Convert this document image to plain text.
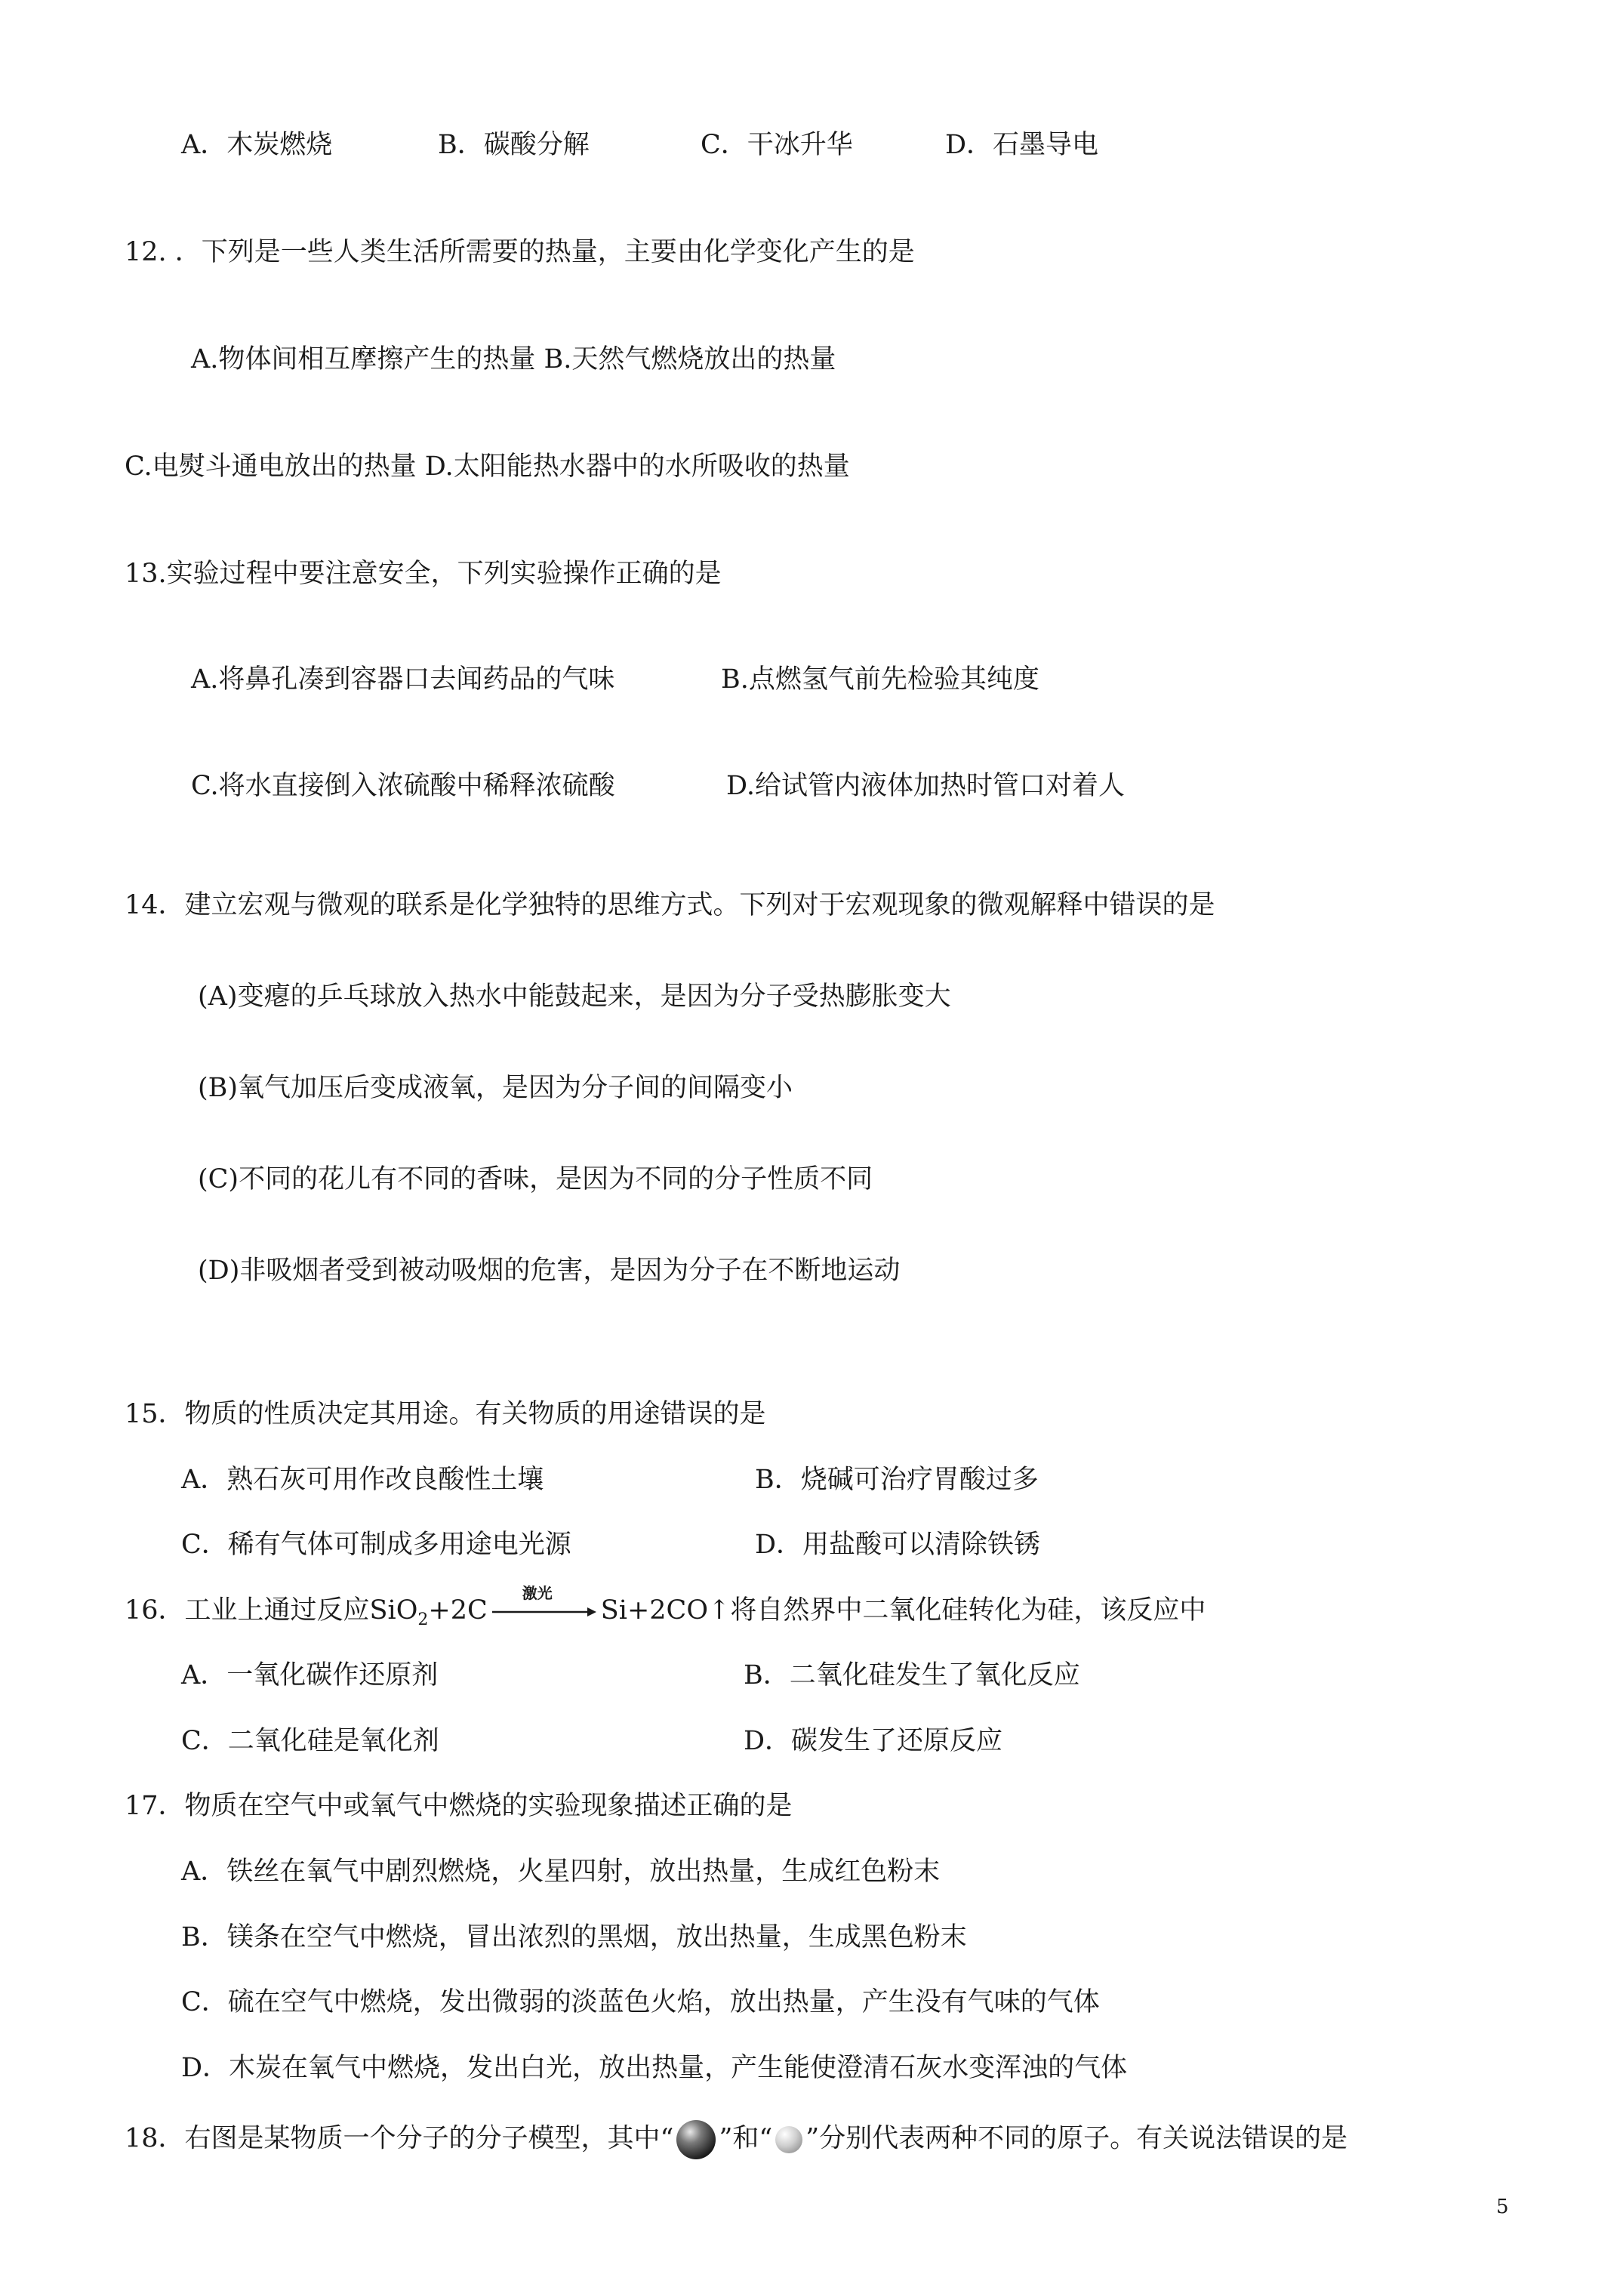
A．木炭燃烧	B．碳酸分解	C．干冰升华	D．石墨导电
12. ．下列是一些人类生活所需要的热量，主要由化学变化产生的是
A.物体间相互摩擦产生的热量 B.天然气燃烧放出的热量
C.电熨斗通电放出的热量 D.太阳能热水器中的水所吸收的热量
13.实验过程中要注意安全，下列实验操作正确的是
A.将鼻孔凑到容器口去闻药品的气味	B.点燃氢气前先检验其纯度
C.将水直接倒入浓硫酸中稀释浓硫酸	D.给试管内液体加热时管口对着人
14．建立宏观与微观的联系是化学独特的思维方式。下列对于宏观现象的微观解释中错误的是
(A)变瘪的乒乓球放入热水中能鼓起来，是因为分子受热膨胀变大
(B)氧气加压后变成液氧，是因为分子间的间隔变小
(C)不同的花儿有不同的香味，是因为不同的分子性质不同
(D)非吸烟者受到被动吸烟的危害，是因为分子在不断地运动
15．物质的性质决定其用途。有关物质的用途错误的是
A．熟石灰可用作改良酸性土壤	B．烧碱可治疗胃酸过多
C．稀有气体可制成多用途电光源	D．用盐酸可以清除铁锈
16．工业上通过反应SiO$_2$+2C
激光
Si+2CO↑将自然界中二氧化硅转化为硅，该反应中
A．一氧化碳作还原剂	B．二氧化硅发生了氧化反应
C．二氧化硅是氧化剂	D．碳发生了还原反应
17．物质在空气中或氧气中燃烧的实验现象描述正确的是
A．铁丝在氧气中剧烈燃烧，火星四射，放出热量，生成红色粉末
B．镁条在空气中燃烧，冒出浓烈的黑烟，放出热量，生成黑色粉末
C．硫在空气中燃烧，发出微弱的淡蓝色火焰，放出热量，产生没有气味的气体
D．木炭在氧气中燃烧，发出白光，放出热量，产生能使澄清石灰水变浑浊的气体
18．右图是某物质一个分子的分子模型，其中“ ”和“ ”分别代表两种不同的原子。有关说法错误的是
5
